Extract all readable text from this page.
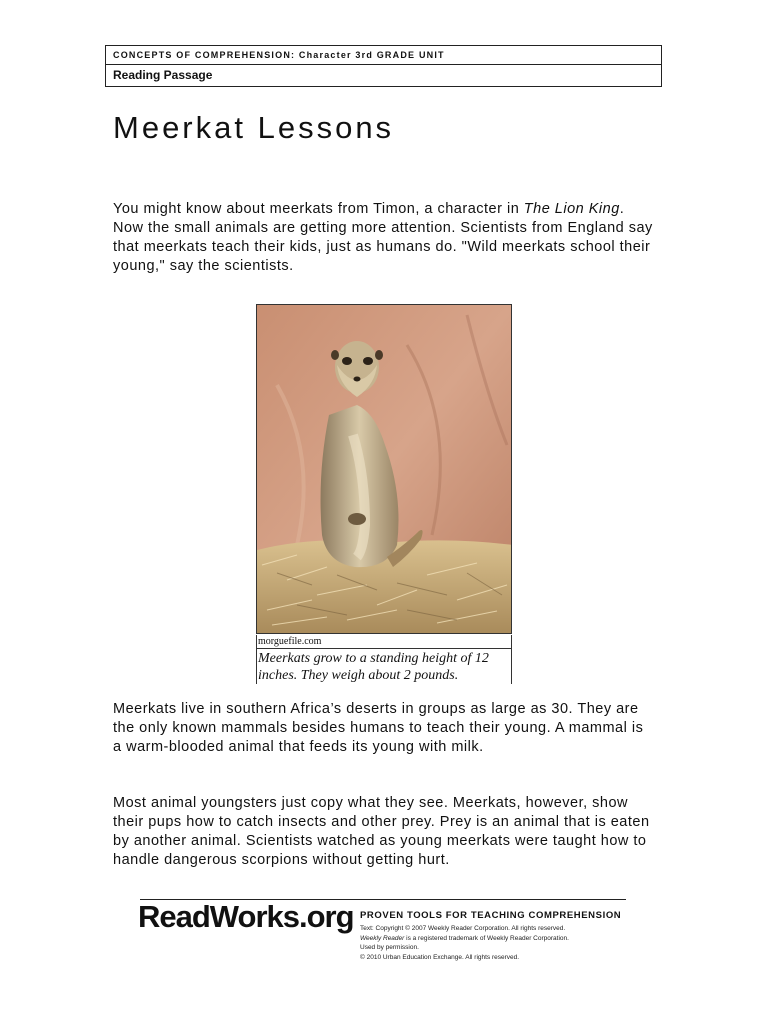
CONCEPTS OF COMPREHENSION: Character 3rd GRADE UNIT
Reading Passage
Meerkat Lessons

You might know about meerkats from Timon, a character in The Lion King. Now the small animals are getting more attention. Scientists from England say that meerkats teach their kids, just as humans do. "Wild meerkats school their young," say the scientists.

morguefile.com
Meerkats grow to a standing height of 12 inches. They weigh about 2 pounds.

Meerkats live in southern Africa’s deserts in groups as large as 30. They are the only known mammals besides humans to teach their young. A mammal is a warm-blooded animal that feeds its young with milk.

Most animal youngsters just copy what they see. Meerkats, however, show their pups how to catch insects and other prey. Prey is an animal that is eaten by another animal. Scientists watched as young meerkats were taught how to handle dangerous scorpions without getting hurt.

ReadWorks.org PROVEN TOOLS FOR TEACHING COMPREHENSION
Text: Copyright © 2007 Weekly Reader Corporation. All rights reserved.
Weekly Reader is a registered trademark of Weekly Reader Corporation.
Used by permission.
© 2010 Urban Education Exchange. All rights reserved.
